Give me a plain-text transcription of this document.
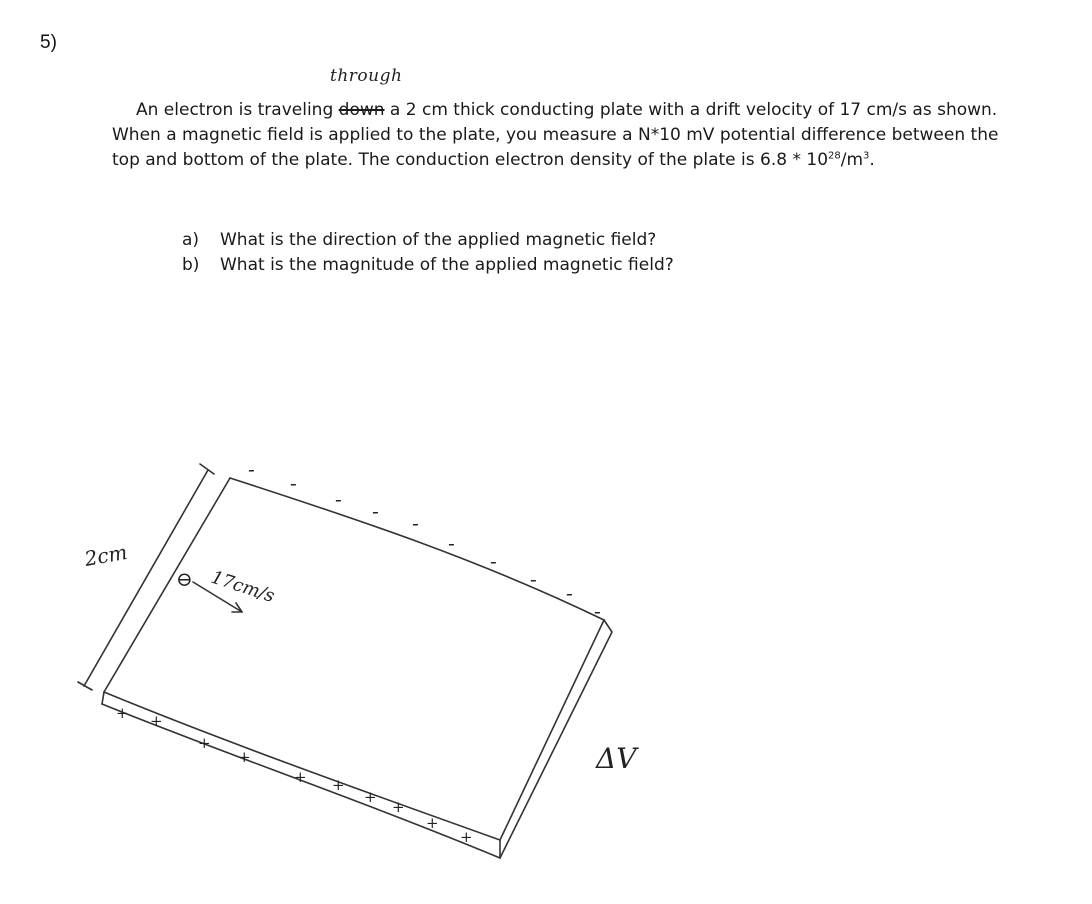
5)
through
An electron is traveling down a 2 cm thick conducting plate with a drift velocity of 17 cm/s as shown.
When a magnetic field is applied to the plate, you measure a N*10 mV potential difference between the
top and bottom of the plate. The conduction electron density of the plate is $6.8 * 10^{28}/m^3$.
a)	What is the direction of the applied magnetic field?
b)	What is the magnitude of the applied magnetic field?
⊖
2cm
17cm/s
ΔV
-
-
- - -
-
-
-
-
-
+ +
+
+
+ +
+
+
+
+
